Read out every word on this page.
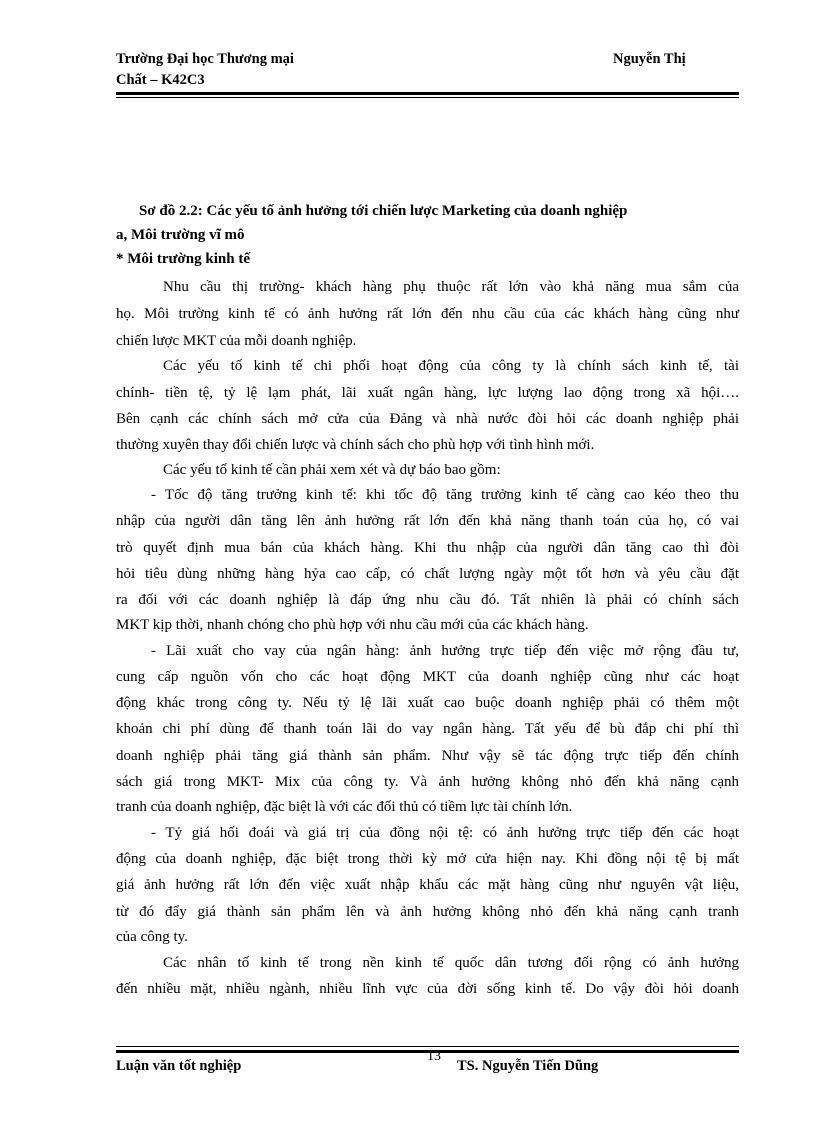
Trường Đại học Thương mại	Nguyễn Thị
Chất – K42C3
Sơ đồ 2.2: Các yếu tố ảnh hưởng tới chiến lược Marketing của doanh nghiệp
a, Môi trường vĩ mô
* Môi trường kinh tế
Nhu cầu thị trường- khách hàng phụ thuộc rất lớn vào khả năng mua sắm của
họ. Môi trường kinh tế có ảnh hưởng rất lớn đến nhu cầu của các khách hàng cũng như
chiến lược MKT của mỗi doanh nghiệp.
Các yếu tố kinh tế chi phối hoạt động của công ty là chính sách kinh tế, tài
chính- tiền tệ, tỷ lệ lạm phát, lãi xuất ngân hàng, lực lượng lao động trong xã hội….
Bên cạnh các chính sách mở cửa của Đảng và nhà nước đòi hỏi các doanh nghiệp phải
thường xuyên thay đổi chiến lược và chính sách cho phù hợp với tình hình mới.
Các yếu tố kinh tế cần phải xem xét và dự báo bao gồm:
- Tốc độ tăng trưởng kinh tế: khi tốc độ tăng trưởng kinh tế càng cao kéo theo thu
nhập của người dân tăng lên ảnh hưởng rất lớn đến khả năng thanh toán của họ, có vai
trò quyết định mua bán của khách hàng. Khi thu nhập của người dân tăng cao thì đòi
hỏi tiêu dùng những hàng hỷa cao cấp, có chất lượng ngày một tốt hơn và yêu cầu đặt
ra đối với các doanh nghiệp là đáp ứng nhu cầu đó. Tất nhiên là phải có chính sách
MKT kịp thời, nhanh chóng cho phù hợp với nhu cầu mới của các khách hàng.
- Lãi xuất cho vay của ngân hàng: ảnh hưởng trực tiếp đến việc mở rộng đầu tư,
cung cấp nguồn vốn cho các hoạt động MKT của doanh nghiệp cũng như các hoạt
động khác trong công ty. Nếu tỷ lệ lãi xuất cao buộc doanh nghiệp phải có thêm một
khoản chi phí dùng để thanh toán lãi do vay ngân hàng. Tất yếu để bù đắp chi phí thì
doanh nghiệp phải tăng giá thành sản phẩm. Như vậy sẽ tác động trực tiếp đến chính
sách giá trong MKT- Mix của công ty. Và ảnh hưởng không nhỏ đến khả năng cạnh
tranh của doanh nghiệp, đặc biệt là với các đối thủ có tiềm lực tài chính lớn.
- Tỷ giá hối đoái và giá trị của đồng nội tệ: có ảnh hưởng trực tiếp đến các hoạt
động của doanh nghiệp, đặc biệt trong thời kỳ mở cửa hiện nay. Khi đồng nội tệ bị mất
giá ảnh hưởng rất lớn đến việc xuất nhập khẩu các mặt hàng cũng như nguyên vật liệu,
từ đó đẩy giá thành sản phẩm lên và ảnh hưởng không nhỏ đến khả năng cạnh tranh
của công ty.
Các nhân tố kinh tế trong nền kinh tế quốc dân tương đối rộng có ảnh hưởng
đến nhiều mặt, nhiều ngành, nhiều lĩnh vực của đời sống kinh tế. Do vậy đòi hỏi doanh
Luận văn tốt nghiệp
13
TS. Nguyễn Tiến Dũng
